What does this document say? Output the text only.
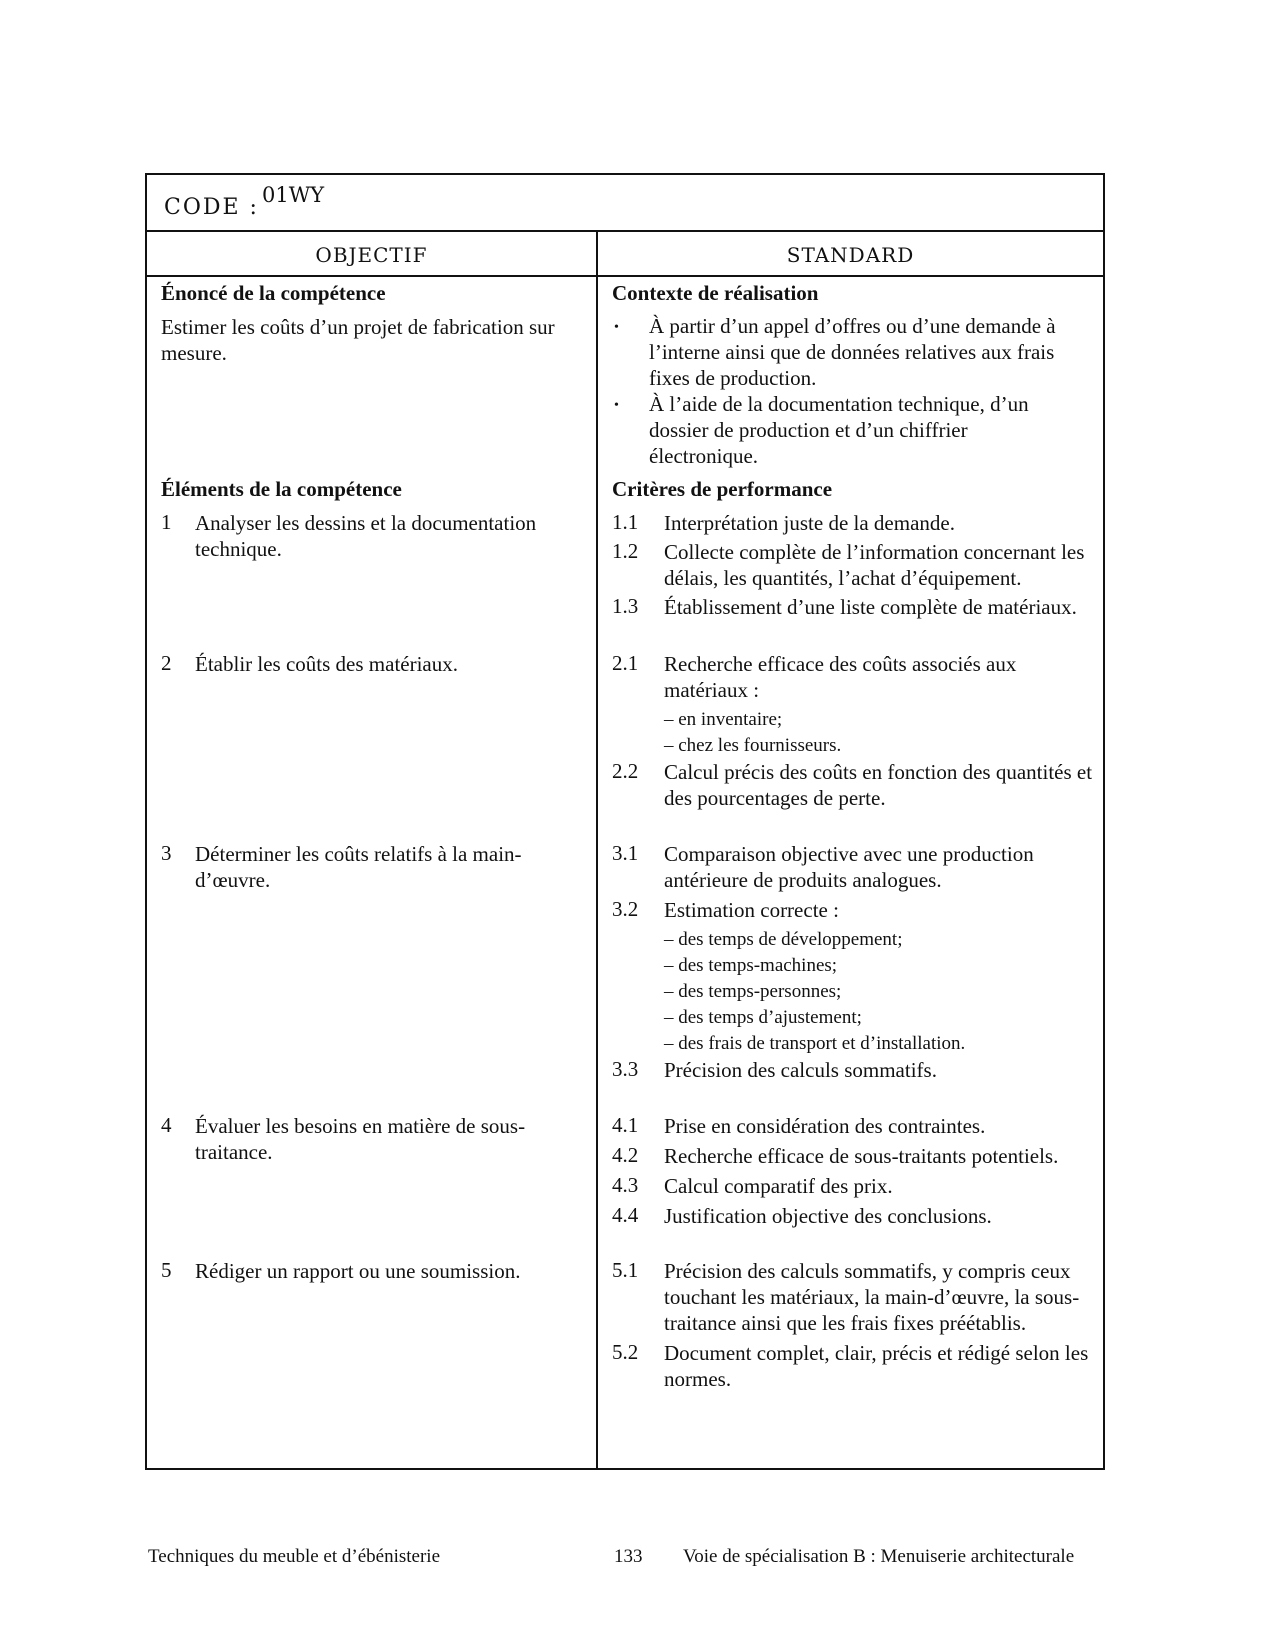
CODE : 01WY
OBJECTIF	STANDARD
Énoncé de la compétence
Estimer les coûts d’un projet de fabrication sur mesure.
Éléments de la compétence
1 Analyser les dessins et la documentation technique.
2 Établir les coûts des matériaux.
3 Déterminer les coûts relatifs à la main-d’œuvre.
4 Évaluer les besoins en matière de sous-traitance.
5 Rédiger un rapport ou une soumission.
Contexte de réalisation
• À partir d’un appel d’offres ou d’une demande à l’interne ainsi que de données relatives aux frais fixes de production.
• À l’aide de la documentation technique, d’un dossier de production et d’un chiffrier électronique.
Critères de performance
1.1 Interprétation juste de la demande.
1.2 Collecte complète de l’information concernant les délais, les quantités, l’achat d’équipement.
1.3 Établissement d’une liste complète de matériaux.
2.1 Recherche efficace des coûts associés aux matériaux :
– en inventaire;
– chez les fournisseurs.
2.2 Calcul précis des coûts en fonction des quantités et des pourcentages de perte.
3.1 Comparaison objective avec une production antérieure de produits analogues.
3.2 Estimation correcte :
– des temps de développement;
– des temps-machines;
– des temps-personnes;
– des temps d’ajustement;
– des frais de transport et d’installation.
3.3 Précision des calculs sommatifs.
4.1 Prise en considération des contraintes.
4.2 Recherche efficace de sous-traitants potentiels.
4.3 Calcul comparatif des prix.
4.4 Justification objective des conclusions.
5.1 Précision des calculs sommatifs, y compris ceux touchant les matériaux, la main-d’œuvre, la sous-traitance ainsi que les frais fixes préétablis.
5.2 Document complet, clair, précis et rédigé selon les normes.
Techniques du meuble et d’ébénisterie	133 Voie de spécialisation B : Menuiserie architecturale
